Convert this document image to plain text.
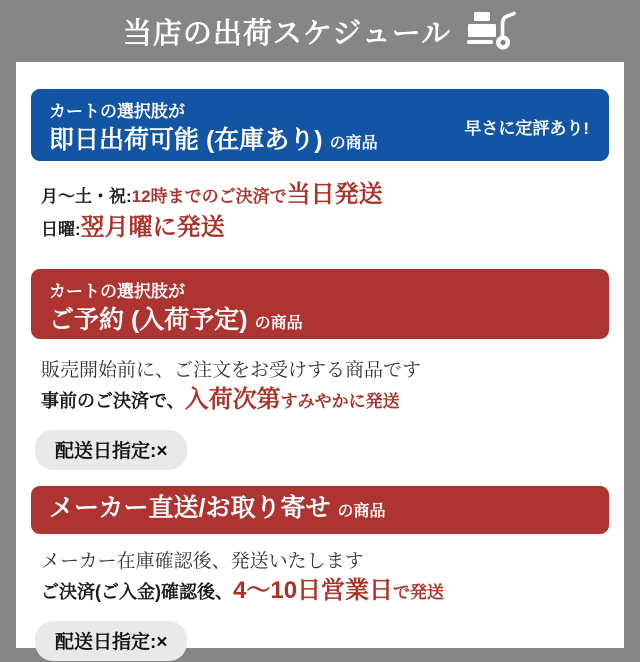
当店の出荷スケジュール
カートの選択肢が
即日出荷可能 (在庫あり) の商品
早さに定評あり!
月〜土・祝:12時までのご決済で当日発送
日曜:翌月曜に発送
カートの選択肢が
ご予約 (入荷予定) の商品
販売開始前に、ご注文をお受けする商品です
事前のご決済で、入荷次第すみやかに発送
配送日指定:×
メーカー直送/お取り寄せ の商品
メーカー在庫確認後、発送いたします
ご決済(ご入金)確認後、4〜10日営業日で発送
配送日指定:×
